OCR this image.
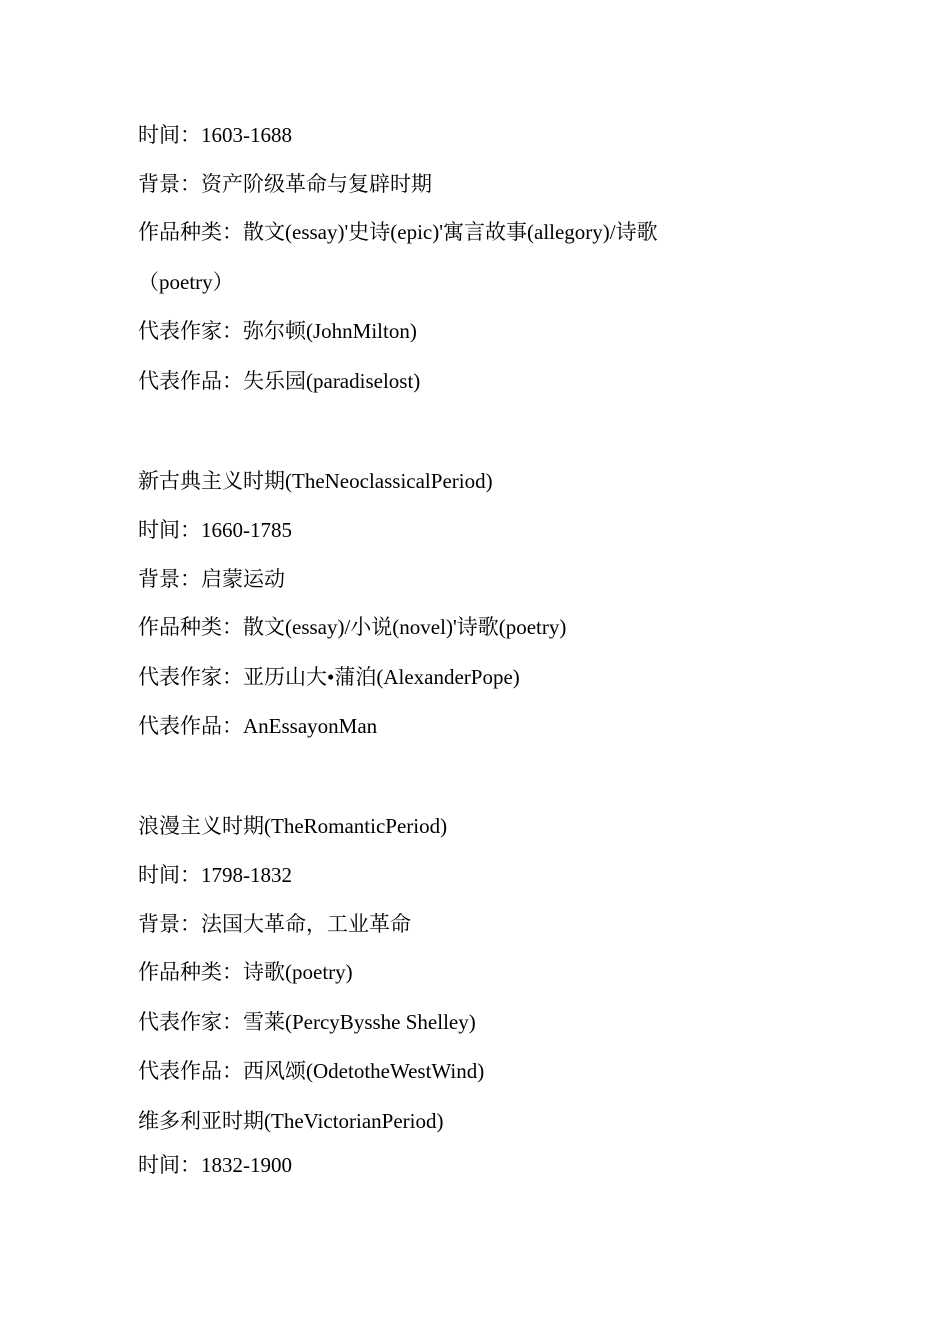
时间：1603-1688

背景：资产阶级革命与复辟时期

作品种类：散文(essay)'史诗(epic)'寓言故事(allegory)/诗歌

（poetry）

代表作家：弥尔顿(JohnMilton)

代表作品：失乐园(paradiselost)

新古典主义时期(TheNeoclassicalPeriod)

时间：1660-1785

背景：启蒙运动

作品种类：散文(essay)/小说(novel)'诗歌(poetry)

代表作家：亚历山大•蒲泊(AlexanderPope)

代表作品：AnEssayonMan

浪漫主义时期(TheRomanticPeriod)

时间：1798-1832

背景：法国大革命，工业革命

作品种类：诗歌(poetry)

代表作家：雪莱(PercyBysshe Shelley)

代表作品：西风颂(OdetotheWestWind)

维多利亚时期(TheVictorianPeriod)

时间：1832-1900
